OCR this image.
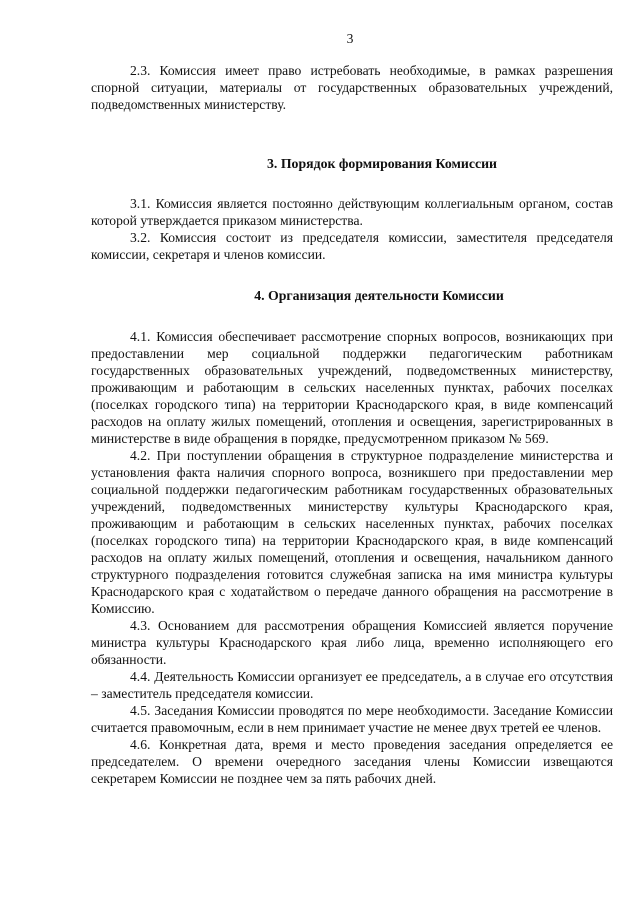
3

2.3. Комиссия имеет право истребовать необходимые, в рамках разрешения спорной ситуации, материалы от государственных образовательных учреждений, подведомственных министерству.

3. Порядок формирования Комиссии

3.1. Комиссия является постоянно действующим коллегиальным органом, состав которой утверждается приказом министерства.

3.2. Комиссия состоит из председателя комиссии, заместителя председателя комиссии, секретаря и членов комиссии.

4. Организация деятельности Комиссии

4.1. Комиссия обеспечивает рассмотрение спорных вопросов, возникающих при предоставлении мер социальной поддержки педагогическим работникам государственных образовательных учреждений, подведомственных министерству, проживающим и работающим в сельских населенных пунктах, рабочих поселках (поселках городского типа) на территории Краснодарского края, в виде компенсаций расходов на оплату жилых помещений, отопления и освещения, зарегистрированных в министерстве в виде обращения в порядке, предусмотренном приказом № 569.

4.2. При поступлении обращения в структурное подразделение министерства и установления факта наличия спорного вопроса, возникшего при предоставлении мер социальной поддержки педагогическим работникам государственных образовательных учреждений, подведомственных министерству культуры Краснодарского края, проживающим и работающим в сельских населенных пунктах, рабочих поселках (поселках городского типа) на территории Краснодарского края, в виде компенсаций расходов на оплату жилых помещений, отопления и освещения, начальником данного структурного подразделения готовится служебная записка на имя министра культуры Краснодарского края с ходатайством о передаче данного обращения на рассмотрение в Комиссию.

4.3. Основанием для рассмотрения обращения Комиссией является поручение министра культуры Краснодарского края либо лица, временно исполняющего его обязанности.

4.4. Деятельность Комиссии организует ее председатель, а в случае его отсутствия – заместитель председателя комиссии.

4.5. Заседания Комиссии проводятся по мере необходимости. Заседание Комиссии считается правомочным, если в нем принимает участие не менее двух третей ее членов.

4.6. Конкретная дата, время и место проведения заседания определяется ее председателем. О времени очередного заседания члены Комиссии извещаются секретарем Комиссии не позднее чем за пять рабочих дней.
